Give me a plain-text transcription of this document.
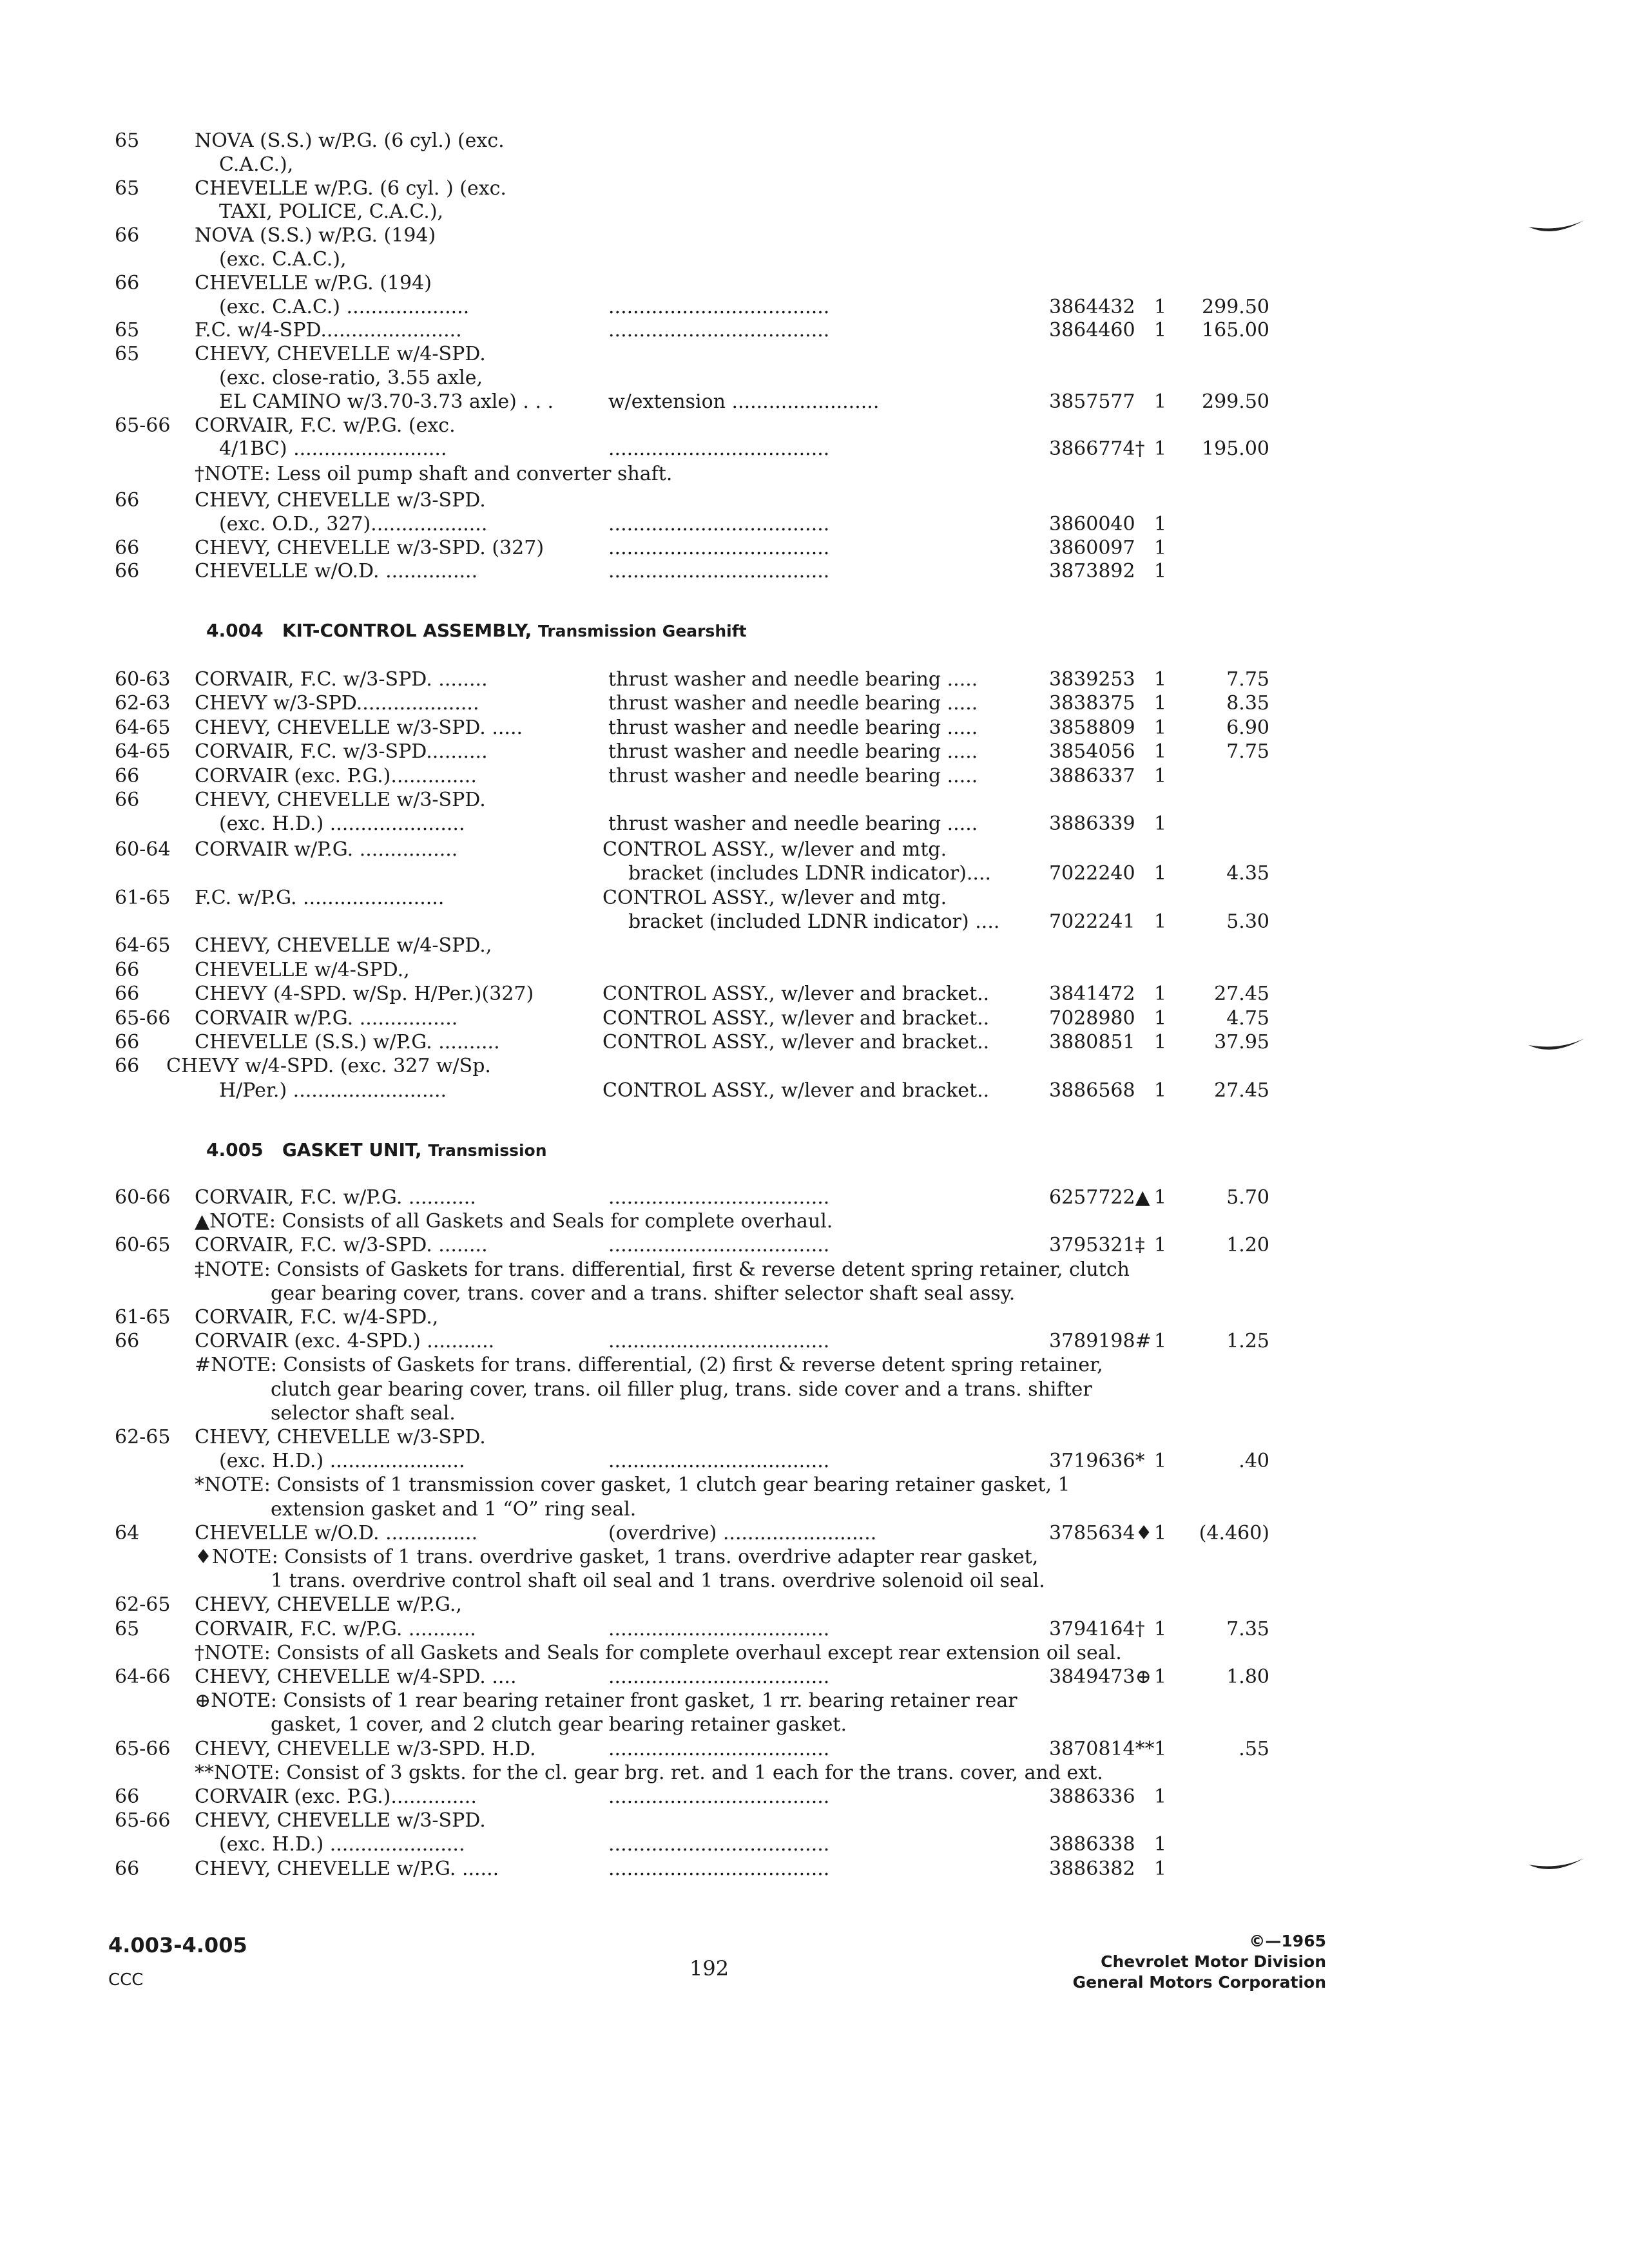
65	NOVA (S.S.) w/P.G. (6 cyl.) (exc.
C.A.C.),
65	CHEVELLE w/P.G. (6 cyl. ) (exc.
TAXI, POLICE, C.A.C.),
66	NOVA (S.S.) w/P.G. (194)
(exc. C.A.C.),
66	CHEVELLE w/P.G. (194)
(exc. C.A.C.) ....................	....................................	3864432 1	299.50
65	F.C. w/4-SPD.......................	....................................	3864460 1	165.00
65	CHEVY, CHEVELLE w/4-SPD.
(exc. close-ratio, 3.55 axle,
EL CAMINO w/3.70-3.73 axle) . . .	w/extension ........................	3857577 1	299.50
65-66 CORVAIR, F.C. w/P.G. (exc.
4/1BC) .........................	....................................	3866774† 1	195.00
†NOTE: Less oil pump shaft and converter shaft.
66	CHEVY, CHEVELLE w/3-SPD.
(exc. O.D., 327)...................	....................................	3860040 1
66	CHEVY, CHEVELLE w/3-SPD. (327)	....................................	3860097 1
66	CHEVELLE w/O.D. ...............	....................................	3873892 1
4.004 KIT-CONTROL ASSEMBLY, Transmission Gearshift
60-63 CORVAIR, F.C. w/3-SPD. ........	thrust washer and needle bearing .....	3839253 1	7.75
62-63 CHEVY w/3-SPD....................	thrust washer and needle bearing .....	3838375 1	8.35
64-65 CHEVY, CHEVELLE w/3-SPD. .....	thrust washer and needle bearing .....	3858809 1	6.90
64-65 CORVAIR, F.C. w/3-SPD..........	thrust washer and needle bearing .....	3854056 1	7.75
66	CORVAIR (exc. P.G.)..............	thrust washer and needle bearing .....	3886337 1
66	CHEVY, CHEVELLE w/3-SPD.
(exc. H.D.) ......................	thrust washer and needle bearing .....	3886339 1
60-64 CORVAIR w/P.G. ................	CONTROL ASSY., w/lever and mtg.
bracket (includes LDNR indicator)....	7022240 1	4.35
61-65 F.C. w/P.G. .......................	CONTROL ASSY., w/lever and mtg.
bracket (included LDNR indicator) ....	7022241 1	5.30
64-65 CHEVY, CHEVELLE w/4-SPD.,
66	CHEVELLE w/4-SPD.,
66	CHEVY (4-SPD. w/Sp. H/Per.)(327)	CONTROL ASSY., w/lever and bracket..	3841472 1	27.45
65-66 CORVAIR w/P.G. ................	CONTROL ASSY., w/lever and bracket..	7028980 1	4.75
66	CHEVELLE (S.S.) w/P.G. ..........	CONTROL ASSY., w/lever and bracket..	3880851 1	37.95
66 CHEVY w/4-SPD. (exc. 327 w/Sp.
H/Per.) .........................	CONTROL ASSY., w/lever and bracket..	3886568 1	27.45
4.005 GASKET UNIT, Transmission
60-66 CORVAIR, F.C. w/P.G. ...........	....................................	6257722▲ 1	5.70
▲NOTE: Consists of all Gaskets and Seals for complete overhaul.
60-65 CORVAIR, F.C. w/3-SPD. ........	....................................	3795321‡ 1	1.20
‡NOTE: Consists of Gaskets for trans. differential, first & reverse detent spring retainer, clutch
gear bearing cover, trans. cover and a trans. shifter selector shaft seal assy.
61-65 CORVAIR, F.C. w/4-SPD.,
66	CORVAIR (exc. 4-SPD.) ...........	....................................	3789198# 1	1.25
#NOTE: Consists of Gaskets for trans. differential, (2) first & reverse detent spring retainer,
clutch gear bearing cover, trans. oil filler plug, trans. side cover and a trans. shifter
selector shaft seal.
62-65 CHEVY, CHEVELLE w/3-SPD.
(exc. H.D.) ......................	....................................	3719636* 1	.40
*NOTE: Consists of 1 transmission cover gasket, 1 clutch gear bearing retainer gasket, 1
extension gasket and 1 “O” ring seal.
64	CHEVELLE w/O.D. ...............	(overdrive) .........................	3785634♦ 1	(4.460)
♦NOTE: Consists of 1 trans. overdrive gasket, 1 trans. overdrive adapter rear gasket,
1 trans. overdrive control shaft oil seal and 1 trans. overdrive solenoid oil seal.
62-65 CHEVY, CHEVELLE w/P.G.,
65	CORVAIR, F.C. w/P.G. ...........	....................................	3794164† 1	7.35
†NOTE: Consists of all Gaskets and Seals for complete overhaul except rear extension oil seal.
64-66 CHEVY, CHEVELLE w/4-SPD. ....	....................................	3849473⊕ 1	1.80
⊕NOTE: Consists of 1 rear bearing retainer front gasket, 1 rr. bearing retainer rear
gasket, 1 cover, and 2 clutch gear bearing retainer gasket.
65-66 CHEVY, CHEVELLE w/3-SPD. H.D.	....................................	3870814** 1	.55
**NOTE: Consist of 3 gskts. for the cl. gear brg. ret. and 1 each for the trans. cover, and ext.
66	CORVAIR (exc. P.G.)..............	....................................	3886336 1
65-66 CHEVY, CHEVELLE w/3-SPD.
(exc. H.D.) ......................	....................................	3886338 1
66	CHEVY, CHEVELLE w/P.G. ......	....................................	3886382 1
4.003-4.005
CCC	192
©—1965
Chevrolet Motor Division
General Motors Corporation
